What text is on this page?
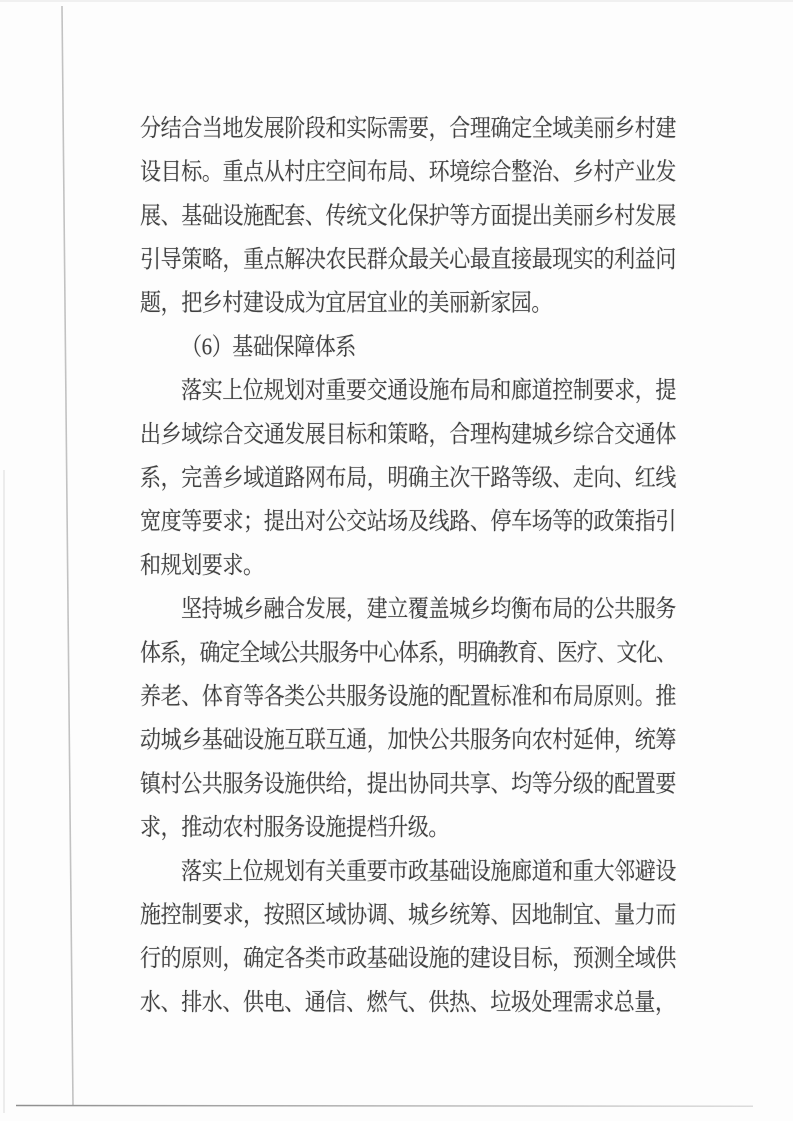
分结合当地发展阶段和实际需要，合理确定全域美丽乡村建
设目标。重点从村庄空间布局、环境综合整治、乡村产业发
展、基础设施配套、传统文化保护等方面提出美丽乡村发展
引导策略，重点解决农民群众最关心最直接最现实的利益问
题，把乡村建设成为宜居宜业的美丽新家园。
（6）基础保障体系
落实上位规划对重要交通设施布局和廊道控制要求，提
出乡域综合交通发展目标和策略，合理构建城乡综合交通体
系，完善乡域道路网布局，明确主次干路等级、走向、红线
宽度等要求；提出对公交站场及线路、停车场等的政策指引
和规划要求。
坚持城乡融合发展，建立覆盖城乡均衡布局的公共服务
体系，确定全域公共服务中心体系，明确教育、医疗、文化、
养老、体育等各类公共服务设施的配置标准和布局原则。推
动城乡基础设施互联互通，加快公共服务向农村延伸，统筹
镇村公共服务设施供给，提出协同共享、均等分级的配置要
求，推动农村服务设施提档升级。
落实上位规划有关重要市政基础设施廊道和重大邻避设
施控制要求，按照区域协调、城乡统筹、因地制宜、量力而
行的原则，确定各类市政基础设施的建设目标，预测全域供
水、排水、供电、通信、燃气、供热、垃圾处理需求总量，
